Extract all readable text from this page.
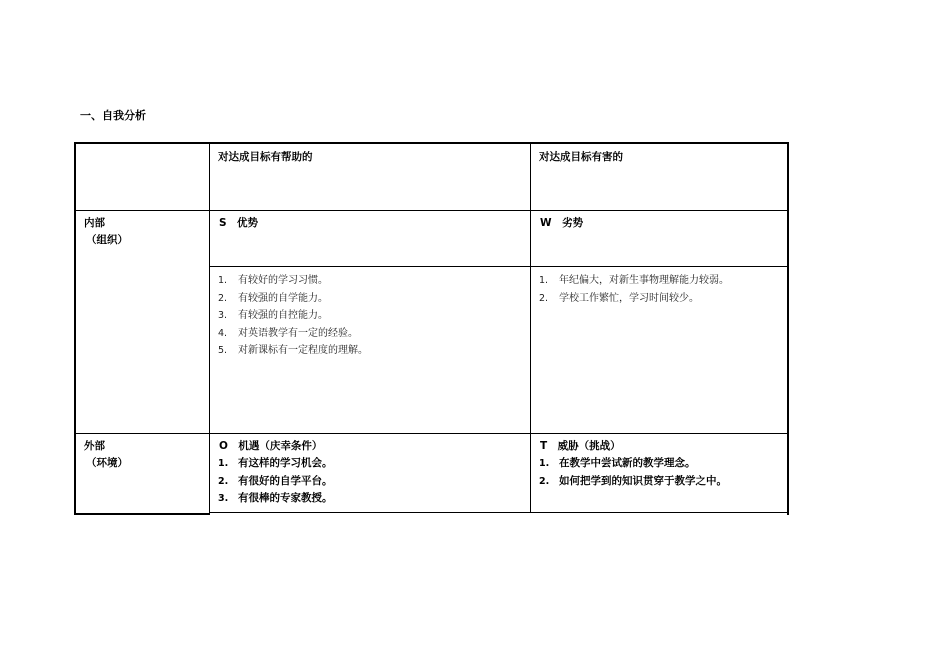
一、自我分析
对达成目标有帮助的	对达成目标有害的
内部
（组织）
S　优势	W　劣势
1. 有较好的学习习惯。
2. 有较强的自学能力。
3. 有较强的自控能力。
4. 对英语教学有一定的经验。
5. 对新课标有一定程度的理解。
1. 年纪偏大，对新生事物理解能力较弱。
2. 学校工作繁忙，学习时间较少。
外部
（环境）
O　机遇（庆幸条件）
1. 有这样的学习机会。
2. 有很好的自学平台。
3. 有很棒的专家教授。
T　威胁（挑战）
1. 在教学中尝试新的教学理念。
2. 如何把学到的知识贯穿于教学之中。
